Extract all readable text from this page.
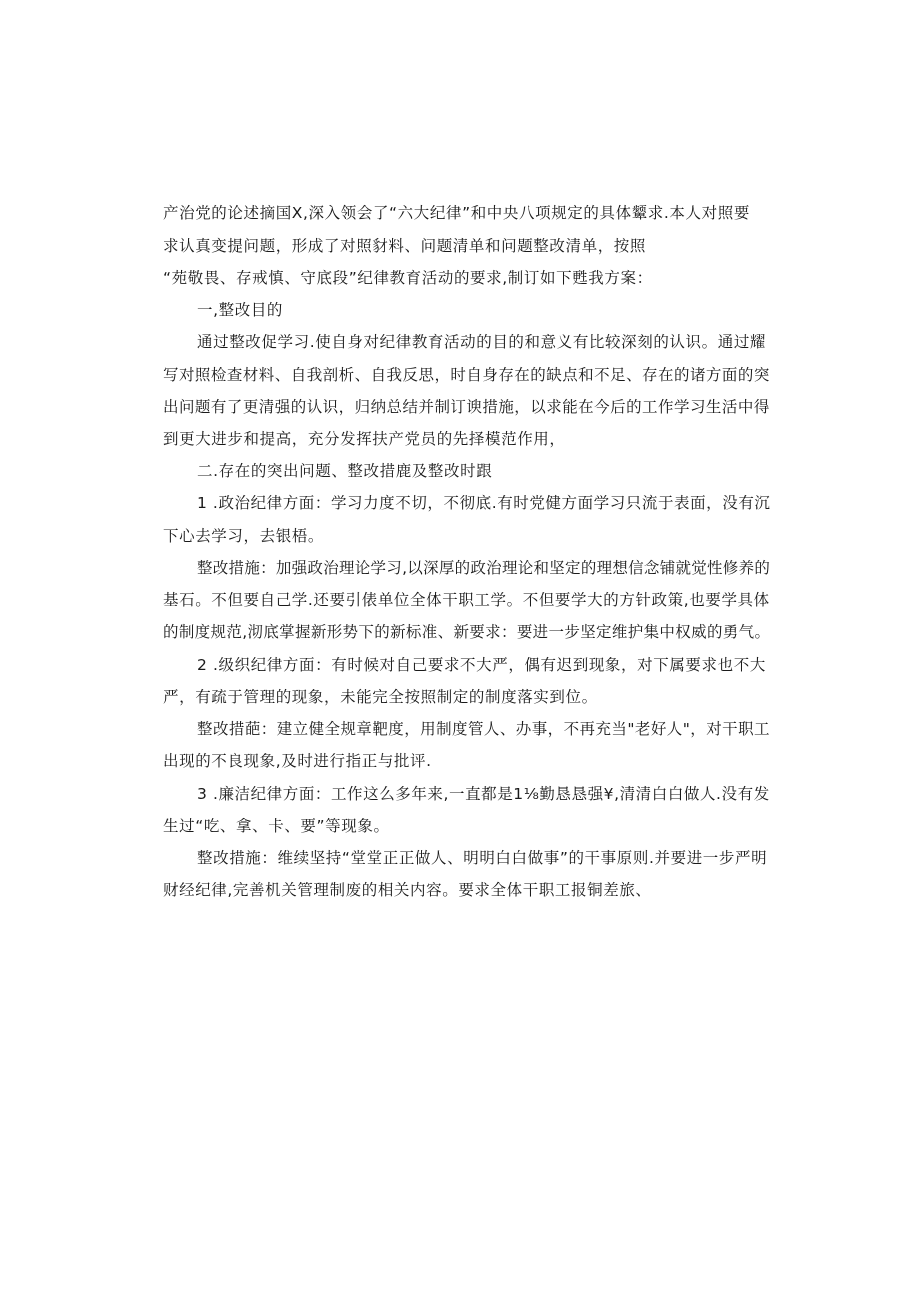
产治党的论述摘国X,深入领会了“六大纪律”和中央八项规定的具体颦求.本人对照要
求认真变提问题，形成了对照豺料、问题清单和问题整改清单，按照
“苑敬畏、存戒慎、守底段”纪律教育活动的要求,制订如下甦我方案：
一,整改目的
通过整改促学习.使自身对纪律教育活动的目的和意义有比较深刻的认识。通过耀
写对照检查材料、自我剖析、自我反思，时自身存在的缺点和不足、存在的诸方面的突
出问题有了更清强的认识，归纳总结并制订谀措施，以求能在今后的工作学习生活中得
到更大进步和提高，充分发挥扶产党员的先择模范作用，
二.存在的突出问题、整改措鹿及整改时跟
1 .政治纪律方面：学习力度不切，不彻底.有时党健方面学习只流于表面，没有沉
下心去学习，去银梧。
整改措施：加强政治理论学习,以深厚的政治理论和坚定的理想信念铺就觉性修养的
基石。不但要自己学.还要引俵单位全体干职工学。不但要学大的方针政策,也要学具体
的制度规范,沏底掌握新形势下的新标准、新要求：要进一步坚定维护集中权威的勇气。
2 .级织纪律方面：有时候对自己要求不大严，偶有迟到现象，对下属要求也不大
严，有疏于管理的现象，未能完全按照制定的制度落实到位。
整改措葩：建立健全规章靶度，用制度管人、办事，不再充当"老好人"，对干职工
出现的不良现象,及时进行指正与批评.
3 .廉洁纪律方面：工作这么多年来,一直都是1⅛勤恳恳强¥,清清白白做人.没有发
生过“吃、拿、卡、要”等现象。
整改措施：维续坚持“堂堂正正做人、明明白白做事”的干事原则.并要进一步严明
财经纪律,完善机关管理制废的相关内容。要求全体干职工报铜差旅、
